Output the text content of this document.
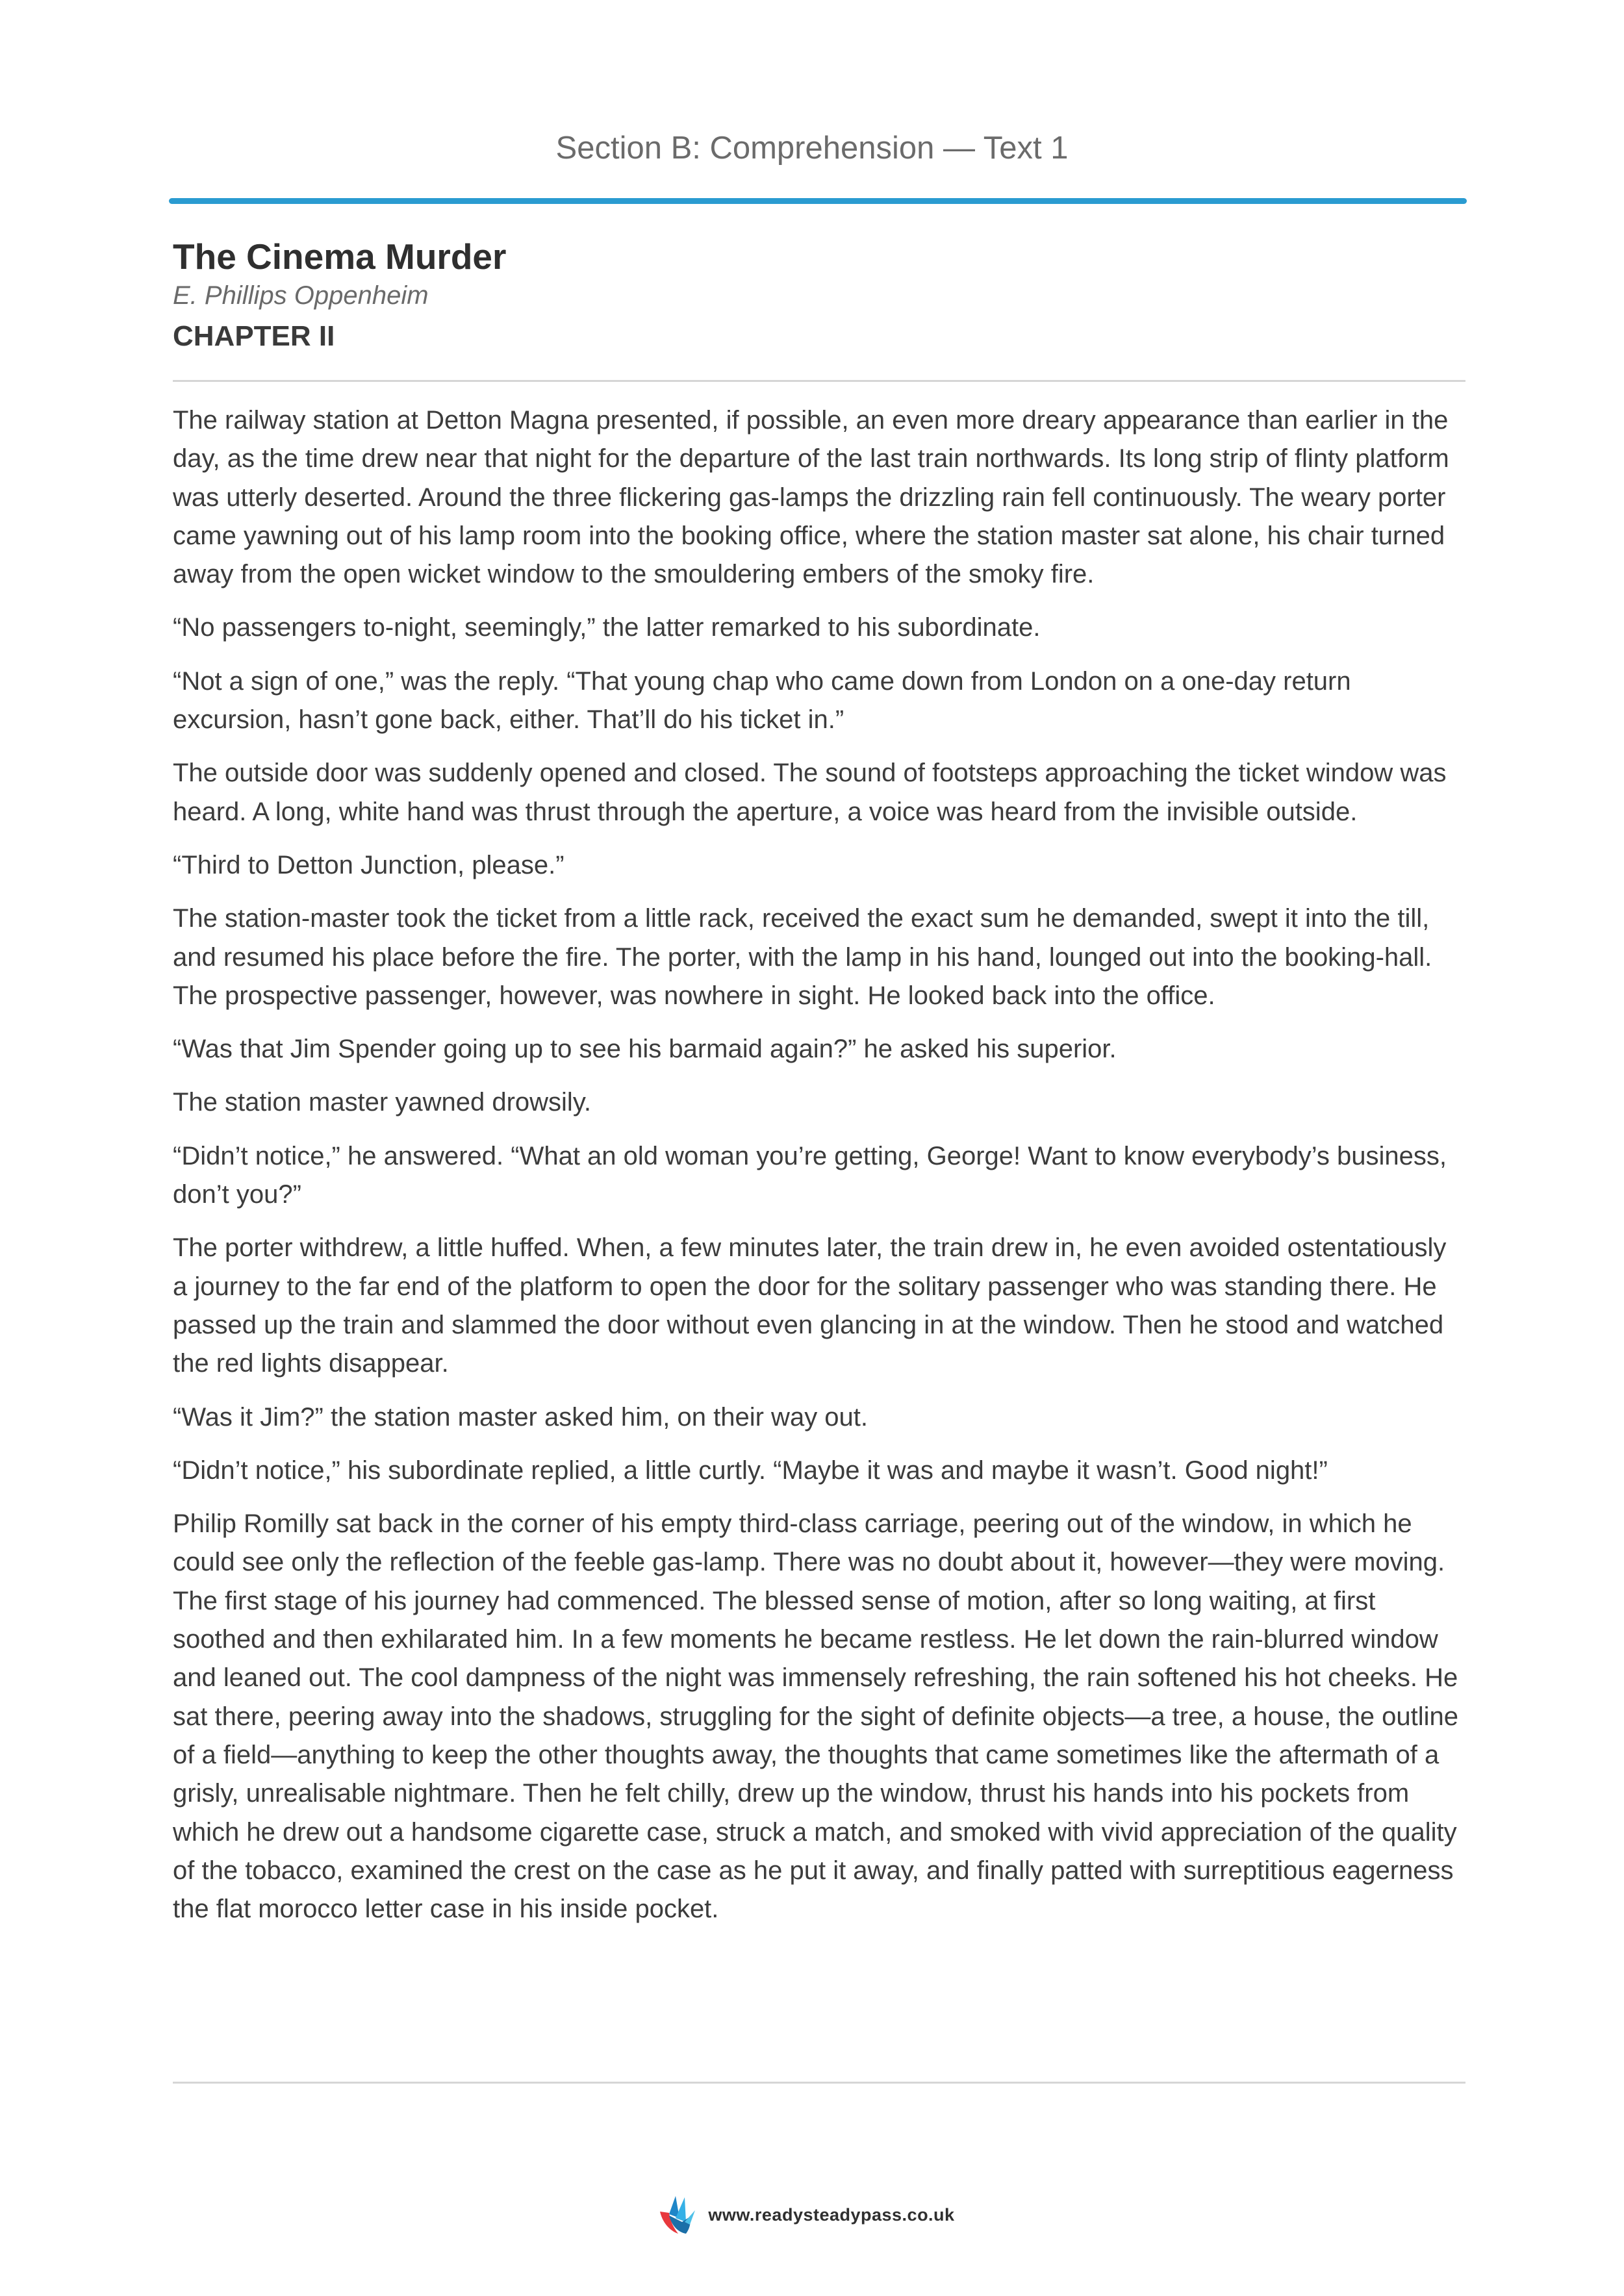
Section B: Comprehension — Text 1
The Cinema Murder

E. Phillips Oppenheim

CHAPTER II

The railway station at Detton Magna presented, if possible, an even more dreary appearance than earlier in the day, as the time drew near that night for the departure of the last train northwards. Its long strip of flinty platform was utterly deserted. Around the three flickering gas-lamps the drizzling rain fell continuously. The weary porter came yawning out of his lamp room into the booking office, where the station master sat alone, his chair turned away from the open wicket window to the smouldering embers of the smoky fire.

“No passengers to-night, seemingly,” the latter remarked to his subordinate.

“Not a sign of one,” was the reply. “That young chap who came down from London on a one-day return excursion, hasn’t gone back, either. That’ll do his ticket in.”

The outside door was suddenly opened and closed. The sound of footsteps approaching the ticket window was heard. A long, white hand was thrust through the aperture, a voice was heard from the invisible outside.

“Third to Detton Junction, please.”

The station-master took the ticket from a little rack, received the exact sum he demanded, swept it into the till, and resumed his place before the fire. The porter, with the lamp in his hand, lounged out into the booking-hall. The prospective passenger, however, was nowhere in sight. He looked back into the office.

“Was that Jim Spender going up to see his barmaid again?” he asked his superior.

The station master yawned drowsily.

“Didn’t notice,” he answered. “What an old woman you’re getting, George! Want to know everybody’s business, don’t you?”

The porter withdrew, a little huffed. When, a few minutes later, the train drew in, he even avoided ostentatiously a journey to the far end of the platform to open the door for the solitary passenger who was standing there. He passed up the train and slammed the door without even glancing in at the window. Then he stood and watched the red lights disappear.

“Was it Jim?” the station master asked him, on their way out.

“Didn’t notice,” his subordinate replied, a little curtly. “Maybe it was and maybe it wasn’t. Good night!”

Philip Romilly sat back in the corner of his empty third-class carriage, peering out of the window, in which he could see only the reflection of the feeble gas-lamp. There was no doubt about it, however—they were moving. The first stage of his journey had commenced. The blessed sense of motion, after so long waiting, at first soothed and then exhilarated him. In a few moments he became restless. He let down the rain-blurred window and leaned out. The cool dampness of the night was immensely refreshing, the rain softened his hot cheeks. He sat there, peering away into the shadows, struggling for the sight of definite objects—a tree, a house, the outline of a field—anything to keep the other thoughts away, the thoughts that came sometimes like the aftermath of a grisly, unrealisable nightmare. Then he felt chilly, drew up the window, thrust his hands into his pockets from which he drew out a handsome cigarette case, struck a match, and smoked with vivid appreciation of the quality of the tobacco, examined the crest on the case as he put it away, and finally patted with surreptitious eagerness the flat morocco letter case in his inside pocket.

www.readysteadypass.co.uk
